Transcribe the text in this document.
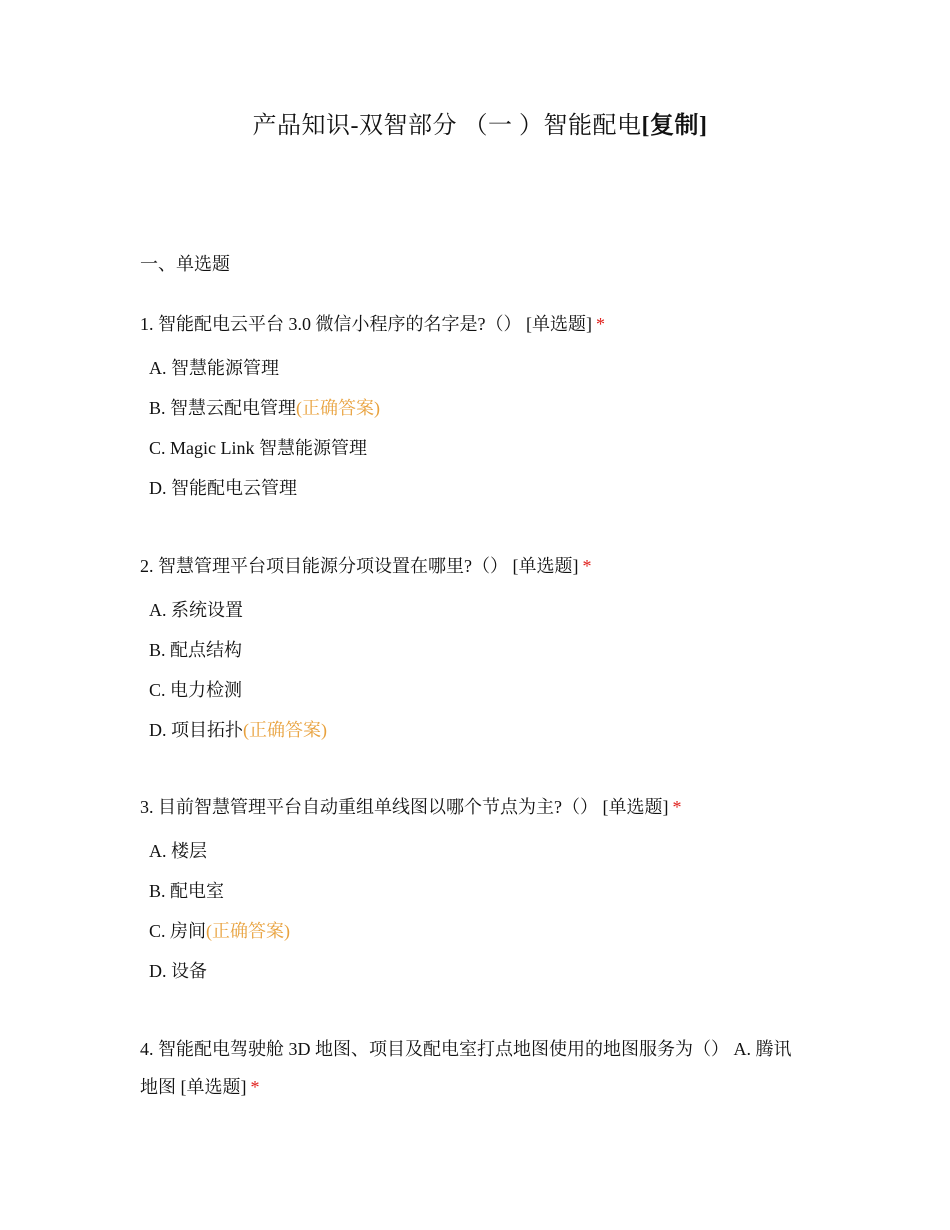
产品知识-双智部分 （一 ）智能配电[复制]
一、单选题

1. 智能配电云平台 3.0 微信小程序的名字是?（） [单选题] *

A. 智慧能源管理
B. 智慧云配电管理(正确答案)
C. Magic Link 智慧能源管理
D. 智能配电云管理

2. 智慧管理平台项目能源分项设置在哪里?（） [单选题] *

A. 系统设置
B. 配点结构
C. 电力检测
D. 项目拓扑(正确答案)

3. 目前智慧管理平台自动重组单线图以哪个节点为主?（） [单选题] *

A. 楼层
B. 配电室
C. 房间(正确答案)
D. 设备

4. 智能配电驾驶舱 3D 地图、项目及配电室打点地图使用的地图服务为（） A. 腾讯地图 [单选题] *
